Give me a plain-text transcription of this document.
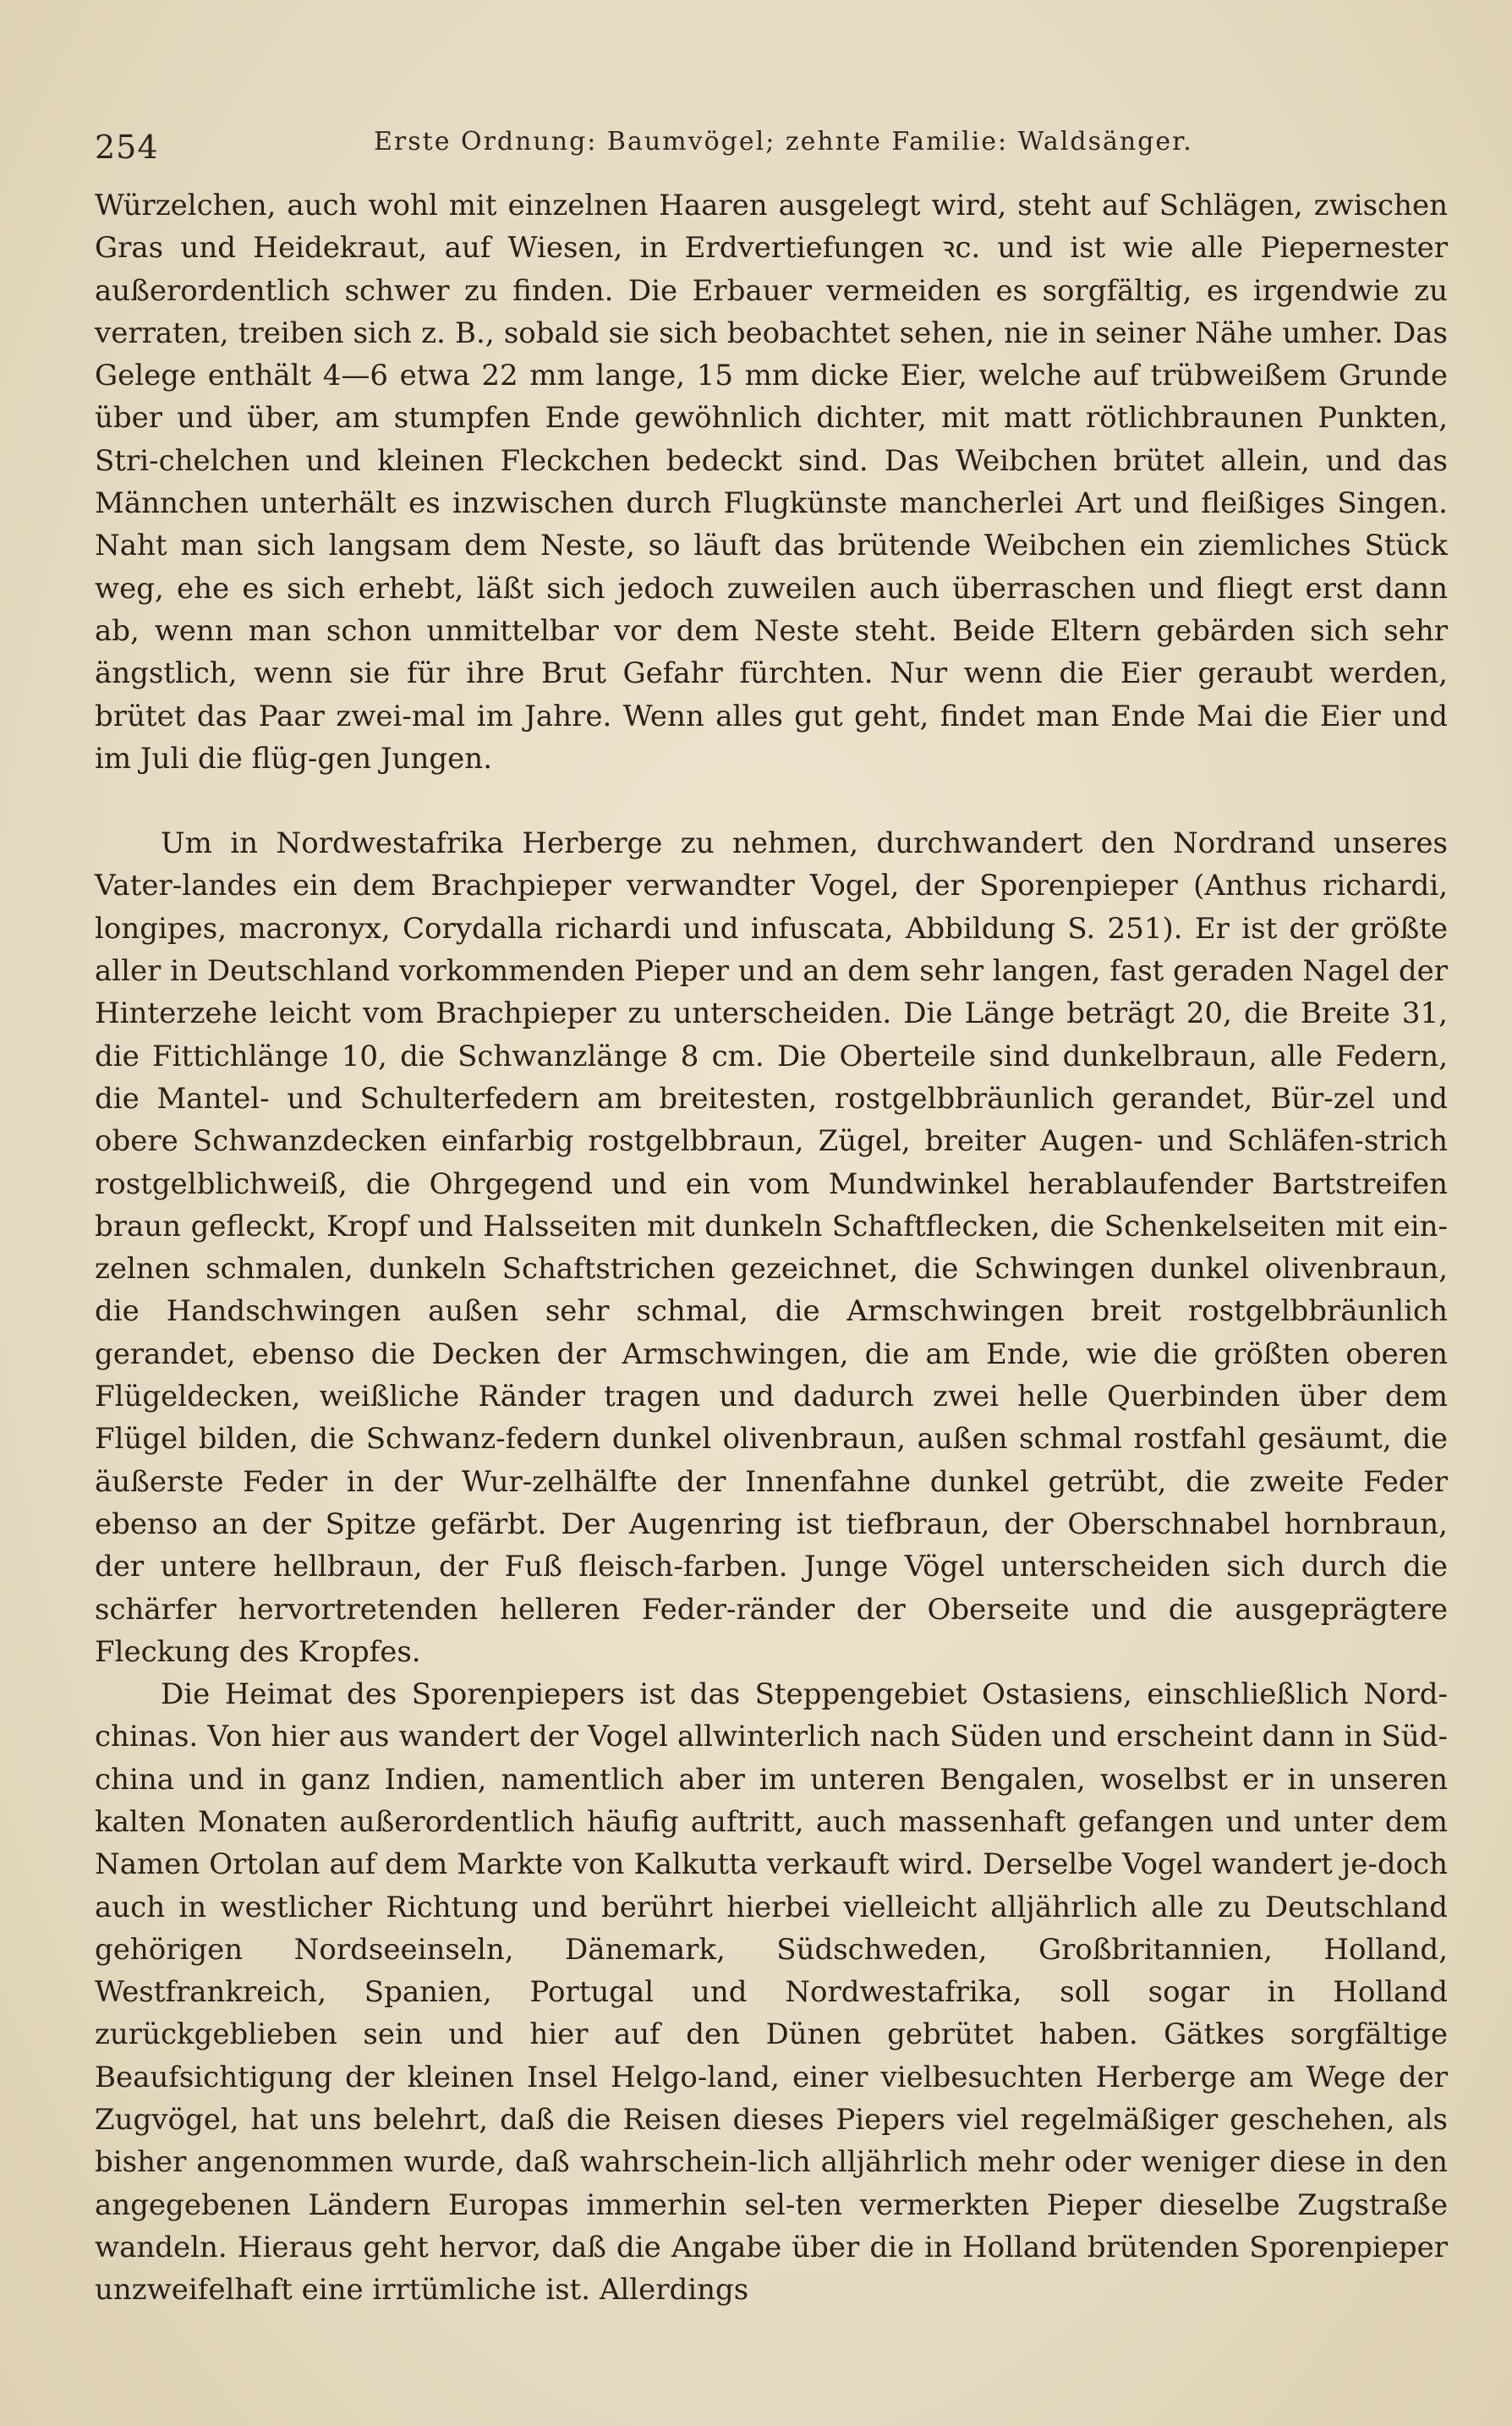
254	Erste Ordnung: Baumvögel; zehnte Familie: Waldsänger.

Würzelchen, auch wohl mit einzelnen Haaren ausgelegt wird, steht auf Schlägen, zwischen Gras und Heidekraut, auf Wiesen, in Erdvertiefungen ꝛc. und ist wie alle Piepernester außerordentlich schwer zu finden. Die Erbauer vermeiden es sorgfältig, es irgendwie zu verraten, treiben sich z. B., sobald sie sich beobachtet sehen, nie in seiner Nähe umher. Das Gelege enthält 4—6 etwa 22 mm lange, 15 mm dicke Eier, welche auf trübweißem Grunde über und über, am stumpfen Ende gewöhnlich dichter, mit matt rötlichbraunen Punkten, Stri-chelchen und kleinen Fleckchen bedeckt sind. Das Weibchen brütet allein, und das Männchen unterhält es inzwischen durch Flugkünste mancherlei Art und fleißiges Singen. Naht man sich langsam dem Neste, so läuft das brütende Weibchen ein ziemliches Stück weg, ehe es sich erhebt, läßt sich jedoch zuweilen auch überraschen und fliegt erst dann ab, wenn man schon unmittelbar vor dem Neste steht. Beide Eltern gebärden sich sehr ängstlich, wenn sie für ihre Brut Gefahr fürchten. Nur wenn die Eier geraubt werden, brütet das Paar zwei-mal im Jahre. Wenn alles gut geht, findet man Ende Mai die Eier und im Juli die flüg-gen Jungen.

Um in Nordwestafrika Herberge zu nehmen, durchwandert den Nordrand unseres Vater-landes ein dem Brachpieper verwandter Vogel, der Sporenpieper (Anthus richardi, longipes, macronyx, Corydalla richardi und infuscata, Abbildung S. 251). Er ist der größte aller in Deutschland vorkommenden Pieper und an dem sehr langen, fast geraden Nagel der Hinterzehe leicht vom Brachpieper zu unterscheiden. Die Länge beträgt 20, die Breite 31, die Fittichlänge 10, die Schwanzlänge 8 cm. Die Oberteile sind dunkelbraun, alle Federn, die Mantel- und Schulterfedern am breitesten, rostgelbbräunlich gerandet, Bür-zel und obere Schwanzdecken einfarbig rostgelbbraun, Zügel, breiter Augen- und Schläfen-strich rostgelblichweiß, die Ohrgegend und ein vom Mundwinkel herablaufender Bartstreifen braun gefleckt, Kropf und Halsseiten mit dunkeln Schaftflecken, die Schenkelseiten mit ein-zelnen schmalen, dunkeln Schaftstrichen gezeichnet, die Schwingen dunkel olivenbraun, die Handschwingen außen sehr schmal, die Armschwingen breit rostgelbbräunlich gerandet, ebenso die Decken der Armschwingen, die am Ende, wie die größten oberen Flügeldecken, weißliche Ränder tragen und dadurch zwei helle Querbinden über dem Flügel bilden, die Schwanz-federn dunkel olivenbraun, außen schmal rostfahl gesäumt, die äußerste Feder in der Wur-zelhälfte der Innenfahne dunkel getrübt, die zweite Feder ebenso an der Spitze gefärbt. Der Augenring ist tiefbraun, der Oberschnabel hornbraun, der untere hellbraun, der Fuß fleisch-farben. Junge Vögel unterscheiden sich durch die schärfer hervortretenden helleren Feder-ränder der Oberseite und die ausgeprägtere Fleckung des Kropfes.

Die Heimat des Sporenpiepers ist das Steppengebiet Ostasiens, einschließlich Nord-chinas. Von hier aus wandert der Vogel allwinterlich nach Süden und erscheint dann in Süd-china und in ganz Indien, namentlich aber im unteren Bengalen, woselbst er in unseren kalten Monaten außerordentlich häufig auftritt, auch massenhaft gefangen und unter dem Namen Ortolan auf dem Markte von Kalkutta verkauft wird. Derselbe Vogel wandert je-doch auch in westlicher Richtung und berührt hierbei vielleicht alljährlich alle zu Deutschland gehörigen Nordseeinseln, Dänemark, Südschweden, Großbritannien, Holland, Westfrankreich, Spanien, Portugal und Nordwestafrika, soll sogar in Holland zurückgeblieben sein und hier auf den Dünen gebrütet haben. Gätkes sorgfältige Beaufsichtigung der kleinen Insel Helgo-land, einer vielbesuchten Herberge am Wege der Zugvögel, hat uns belehrt, daß die Reisen dieses Piepers viel regelmäßiger geschehen, als bisher angenommen wurde, daß wahrschein-lich alljährlich mehr oder weniger diese in den angegebenen Ländern Europas immerhin sel-ten vermerkten Pieper dieselbe Zugstraße wandeln. Hieraus geht hervor, daß die Angabe über die in Holland brütenden Sporenpieper unzweifelhaft eine irrtümliche ist. Allerdings
